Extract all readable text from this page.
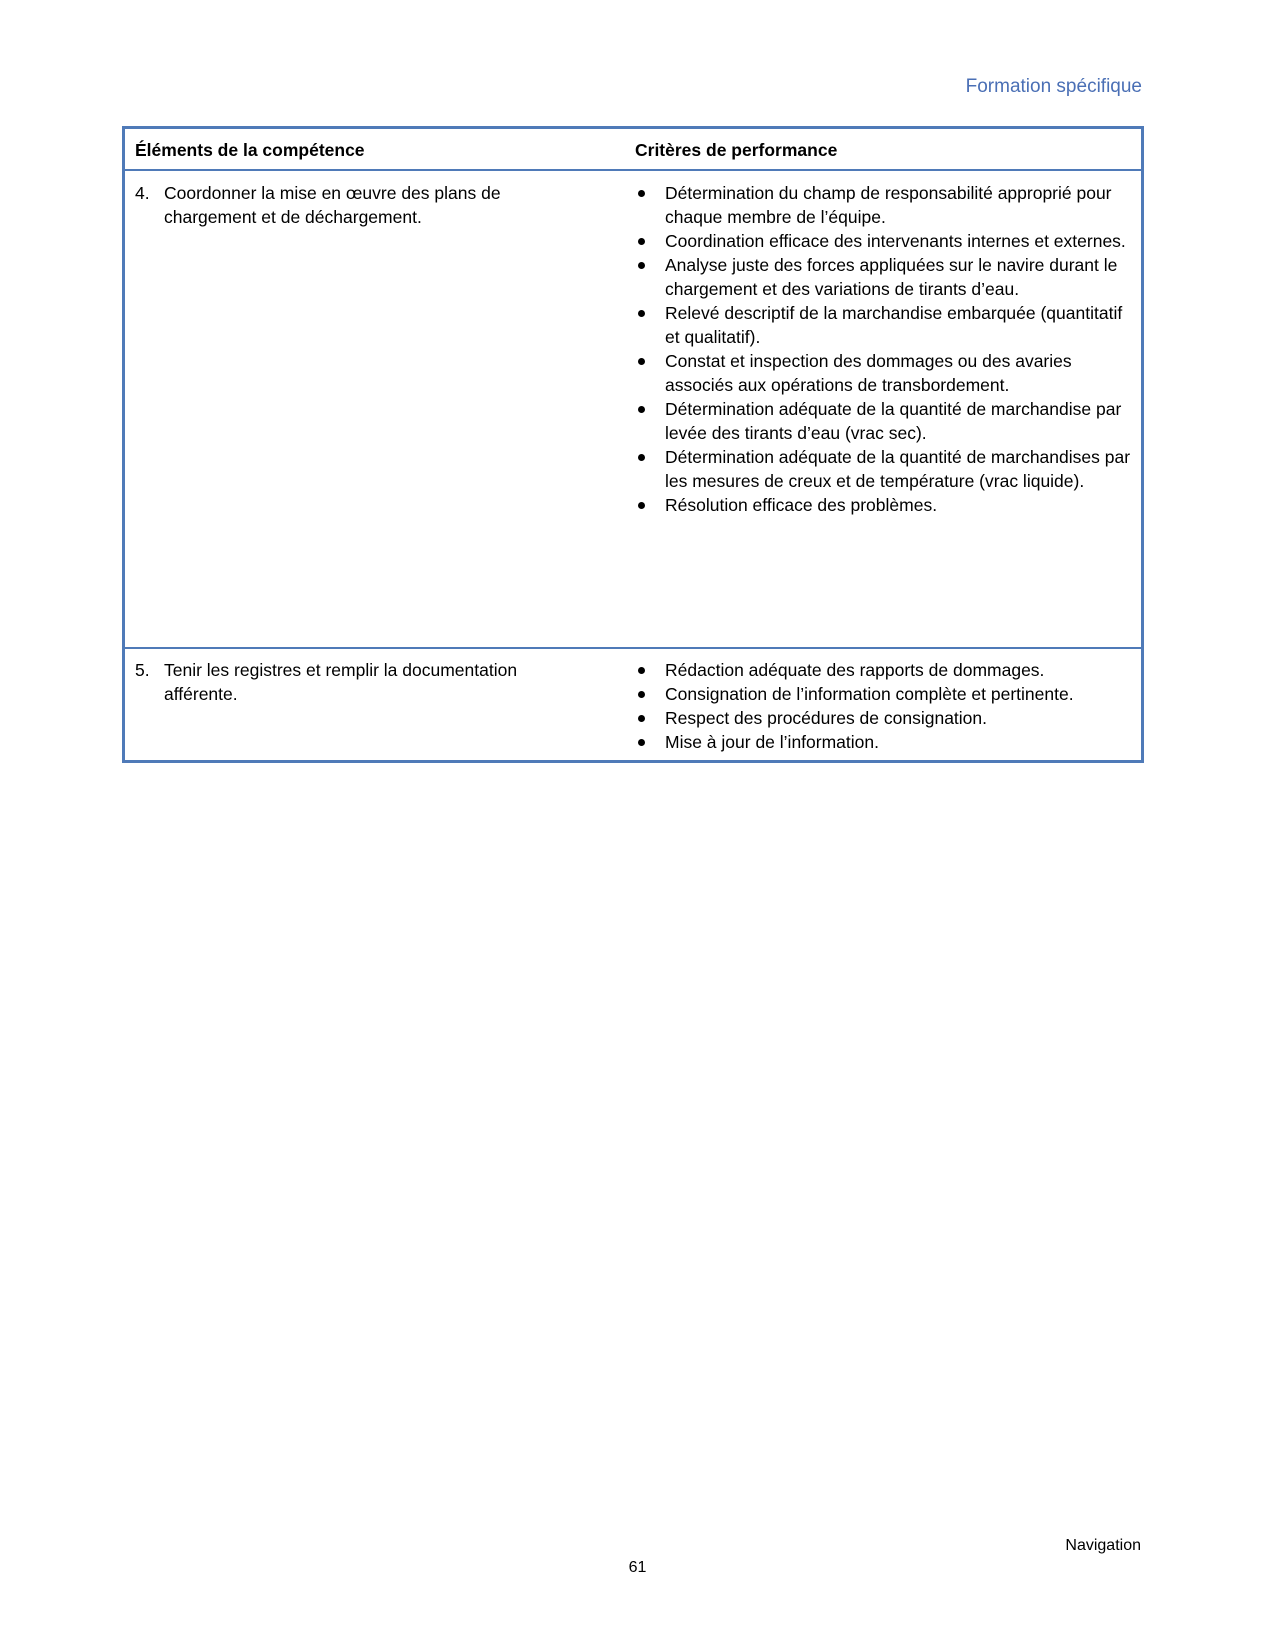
Formation spécifique
Éléments de la compétence	Critères de performance
4. Coordonner la mise en œuvre des plans de chargement et de déchargement.
Détermination du champ de responsabilité approprié pour chaque membre de l’équipe.
Coordination efficace des intervenants internes et externes.
Analyse juste des forces appliquées sur le navire durant le chargement et des variations de tirants d’eau.
Relevé descriptif de la marchandise embarquée (quantitatif et qualitatif).
Constat et inspection des dommages ou des avaries associés aux opérations de transbordement.
Détermination adéquate de la quantité de marchandise par levée des tirants d’eau (vrac sec).
Détermination adéquate de la quantité de marchandises par les mesures de creux et de température (vrac liquide).
Résolution efficace des problèmes.
5. Tenir les registres et remplir la documentation afférente.
Rédaction adéquate des rapports de dommages.
Consignation de l’information complète et pertinente.
Respect des procédures de consignation.
Mise à jour de l’information.
Navigation
61
